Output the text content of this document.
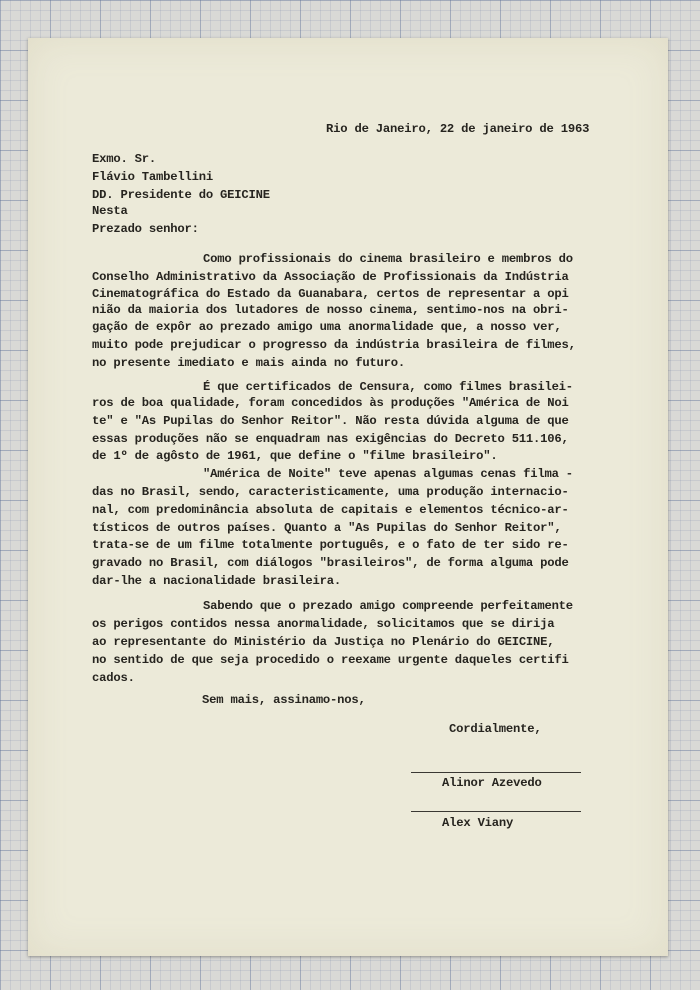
Rio de Janeiro, 22 de janeiro de 1963
Exmo. Sr.
Flávio Tambellini
DD. Presidente do GEICINE
Nesta
Prezado senhor:
Como profissionais do cinema brasileiro e membros do
Conselho Administrativo da Associação de Profissionais da Indústria
Cinematográfica do Estado da Guanabara, certos de representar a opi
nião da maioria dos lutadores de nosso cinema, sentimo-nos na obri-
gação de expôr ao prezado amigo uma anormalidade que, a nosso ver,
muito pode prejudicar o progresso da indústria brasileira de filmes,
no presente imediato e mais ainda no futuro.
É que certificados de Censura, como filmes brasilei-
ros de boa qualidade, foram concedidos às produções "América de Noi
te" e "As Pupilas do Senhor Reitor". Não resta dúvida alguma de que
essas produções não se enquadram nas exigências do Decreto 511.106,
de 1º de agôsto de 1961, que define o "filme brasileiro".
"América de Noite" teve apenas algumas cenas filma -
das no Brasil, sendo, caracteristicamente, uma produção internacio-
nal, com predominância absoluta de capitais e elementos técnico-ar-
tísticos de outros países. Quanto a "As Pupilas do Senhor Reitor",
trata-se de um filme totalmente português, e o fato de ter sido re-
gravado no Brasil, com diálogos "brasileiros", de forma alguma pode
dar-lhe a nacionalidade brasileira.
Sabendo que o prezado amigo compreende perfeitamente
os perigos contidos nessa anormalidade, solicitamos que se dirija
ao representante do Ministério da Justiça no Plenário do GEICINE,
no sentido de que seja procedido o reexame urgente daqueles certifi
cados.
Sem mais, assinamo-nos,
Cordialmente,
Alinor Azevedo
Alex Viany
